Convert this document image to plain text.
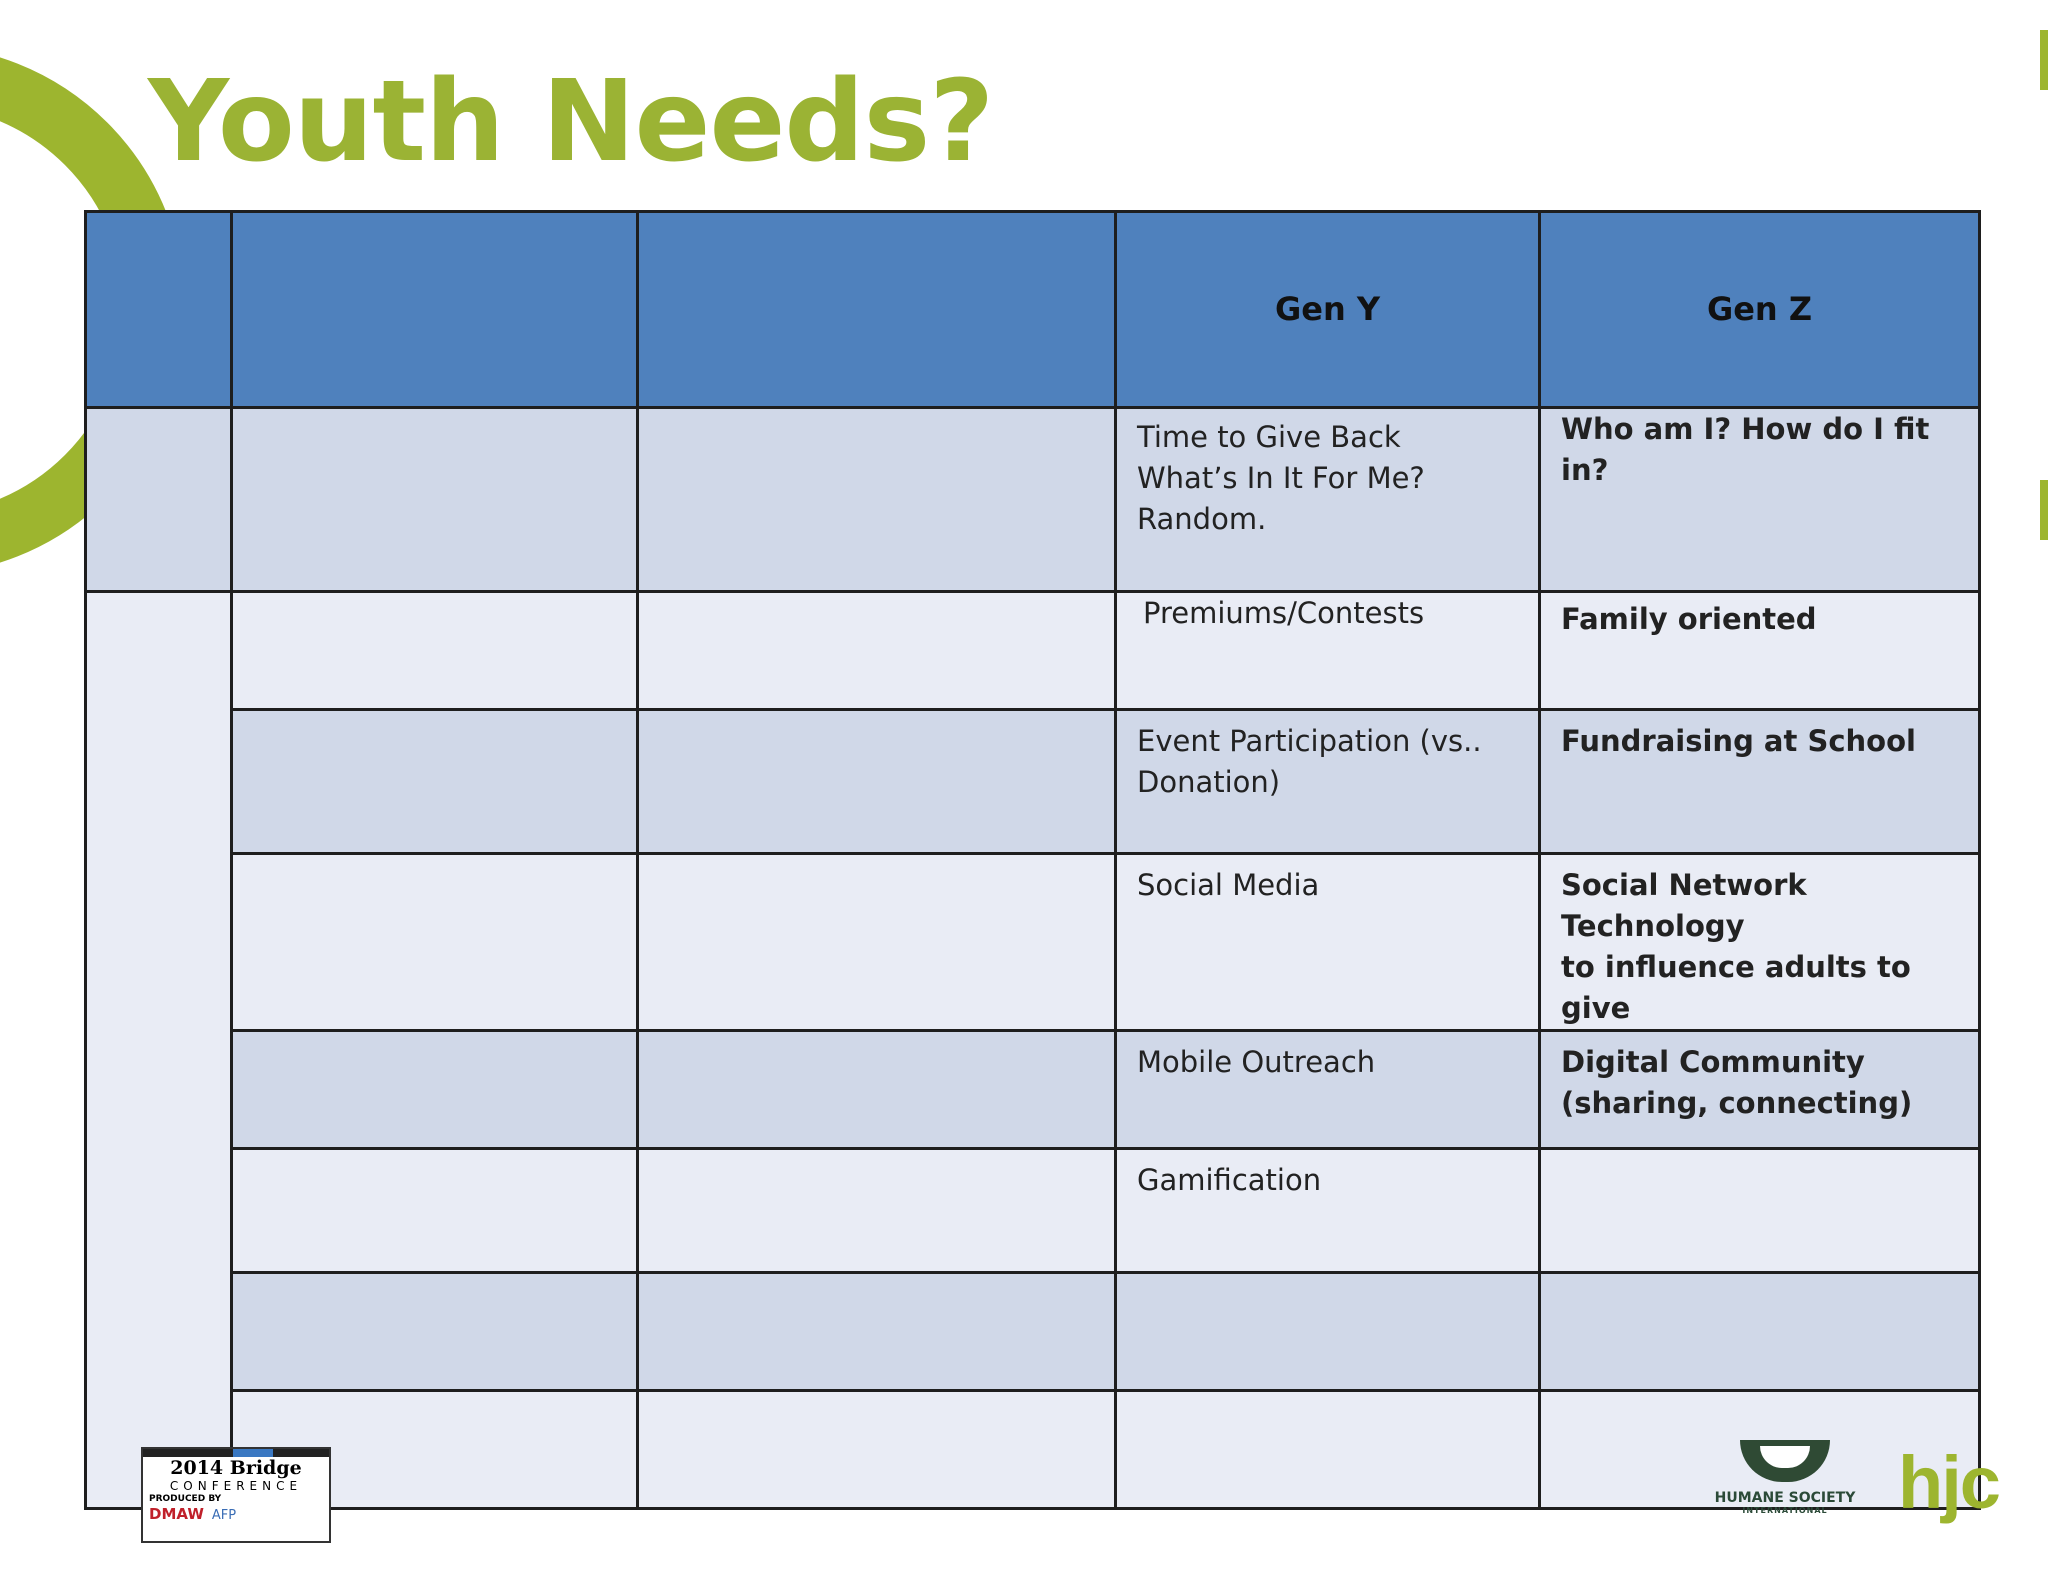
Youth Needs?
			Gen Y	Gen Z
			Time to Give Back
What’s In It For Me?
Random.	Who am I? How do I fit in?
			Premiums/Contests	Family oriented
			Event Participation (vs..
Donation)	Fundraising at School
			Social Media	Social Network Technology
to influence adults to give
			Mobile Outreach	Digital Community
(sharing, connecting)
			Gamification	

2014 Bridge
CONFERENCE
PRODUCED BY
DMAW AFP
HUMANE SOCIETY
INTERNATIONAL hjc
